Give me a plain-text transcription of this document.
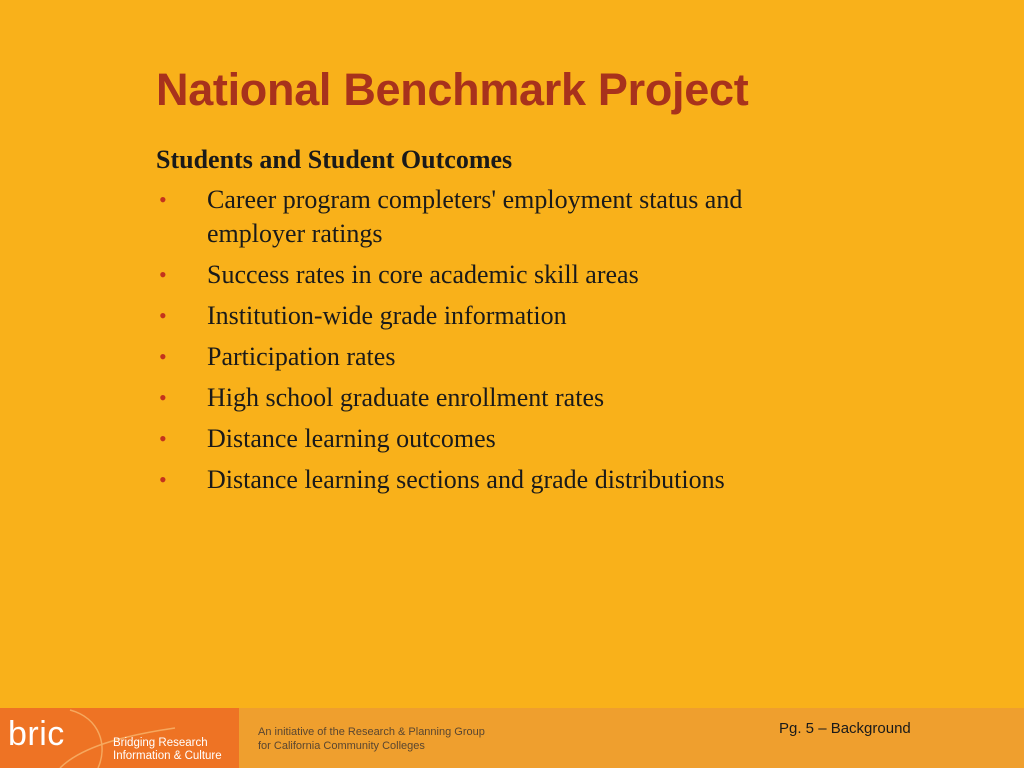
National Benchmark Project
Students and Student Outcomes
• Career program completers' employment status and
employer ratings
• Success rates in core academic skill areas
• Institution-wide grade information
• Participation rates
• High school graduate enrollment rates
• Distance learning outcomes
• Distance learning sections and grade distributions
bric	Bridging Research
Information & Culture
An initiative of the Research & Planning Group
for California Community Colleges
Pg. 5 – Background
